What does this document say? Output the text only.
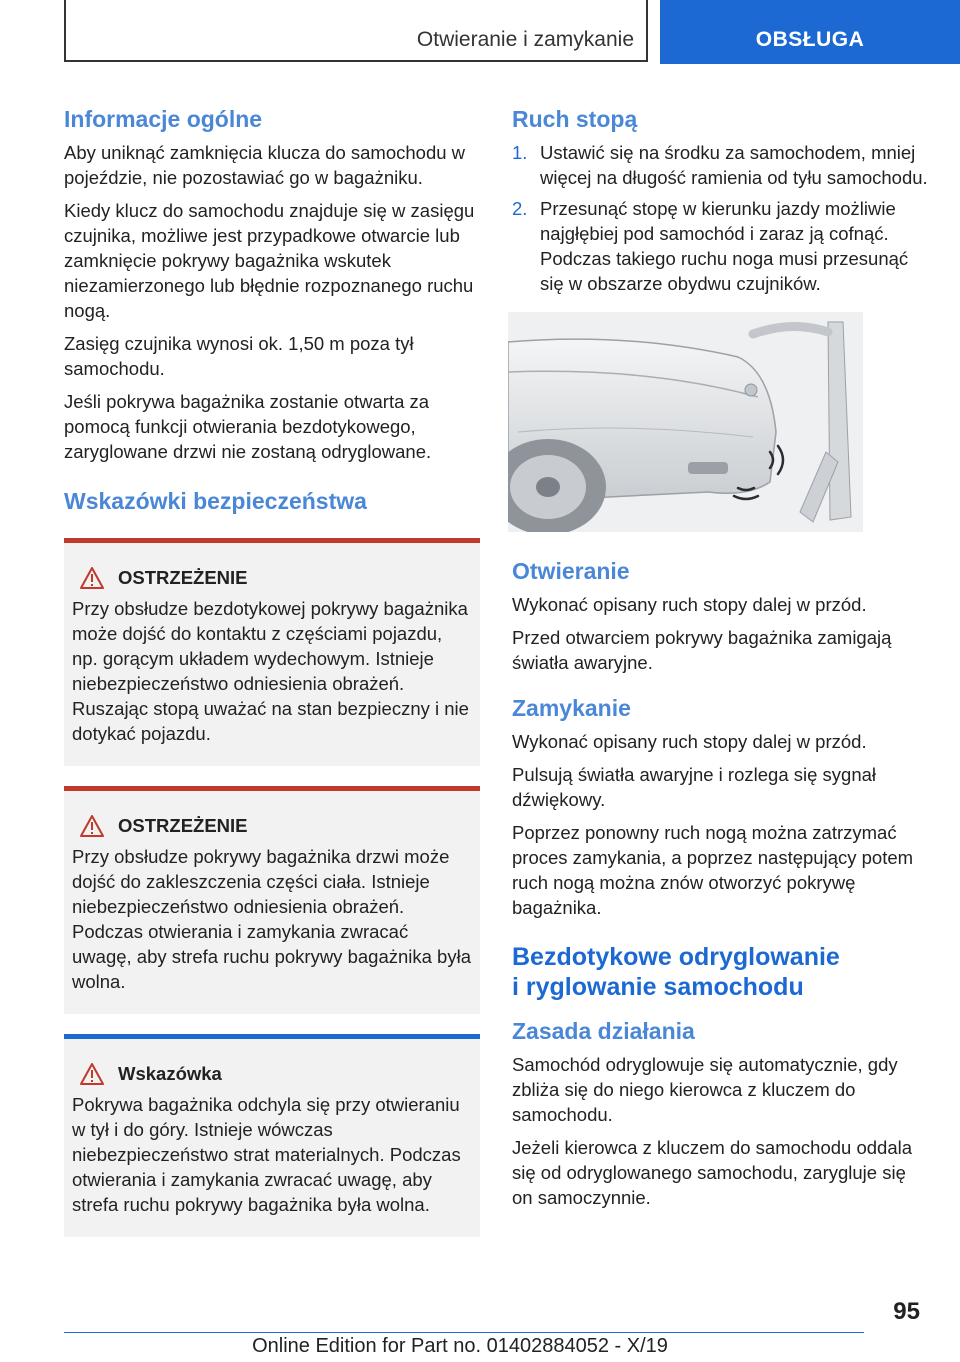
Otwieranie i zamykanie	OBSŁUGA
Informacje ogólne

Aby uniknąć zamknięcia klucza do samochodu w pojeździe, nie pozostawiać go w bagażniku.

Kiedy klucz do samochodu znajduje się w zasięgu czujnika, możliwe jest przypadkowe otwarcie lub zamknięcie pokrywy bagażnika wskutek niezamierzonego lub błędnie rozpoznanego ruchu nogą.

Zasięg czujnika wynosi ok. 1,50 m poza tył samochodu.

Jeśli pokrywa bagażnika zostanie otwarta za pomocą funkcji otwierania bezdotykowego, zaryglowane drzwi nie zostaną odryglowane.

Wskazówki bezpieczeństwa
OSTRZEŻENIE

Przy obsłudze bezdotykowej pokrywy bagażnika może dojść do kontaktu z częściami pojazdu, np. gorącym układem wydechowym. Istnieje niebezpieczeństwo odniesienia obrażeń. Ruszając stopą uważać na stan bezpieczny i nie dotykać pojazdu.

OSTRZEŻENIE

Przy obsłudze pokrywy bagażnika drzwi może dojść do zakleszczenia części ciała. Istnieje niebezpieczeństwo odniesienia obrażeń. Podczas otwierania i zamykania zwracać uwagę, aby strefa ruchu pokrywy bagażnika była wolna.

Wskazówka

Pokrywa bagażnika odchyla się przy otwieraniu w tył i do góry. Istnieje wówczas niebezpieczeństwo strat materialnych. Podczas otwierania i zamykania zwracać uwagę, aby strefa ruchu pokrywy bagażnika była wolna.

Ruch stopą
1. Ustawić się na środku za samochodem, mniej więcej na długość ramienia od tyłu samochodu.
2. Przesunąć stopę w kierunku jazdy możliwie najgłębiej pod samochód i zaraz ją cofnąć. Podczas takiego ruchu noga musi przesunąć się w obszarze obydwu czujników.
Otwieranie

Wykonać opisany ruch stopy dalej w przód.

Przed otwarciem pokrywy bagażnika zamigają światła awaryjne.

Zamykanie

Wykonać opisany ruch stopy dalej w przód.

Pulsują światła awaryjne i rozlega się sygnał dźwiękowy.

Poprzez ponowny ruch nogą można zatrzymać proces zamykania, a poprzez następujący potem ruch nogą można znów otworzyć pokrywę bagażnika.

Bezdotykowe odryglowanie
i ryglowanie samochodu
Zasada działania

Samochód odryglowuje się automatycznie, gdy zbliża się do niego kierowca z kluczem do samochodu.

Jeżeli kierowca z kluczem do samochodu oddala się od odryglowanego samochodu, zarygluje się on samoczynnie.

95
Online Edition for Part no. 01402884052 - X/19
